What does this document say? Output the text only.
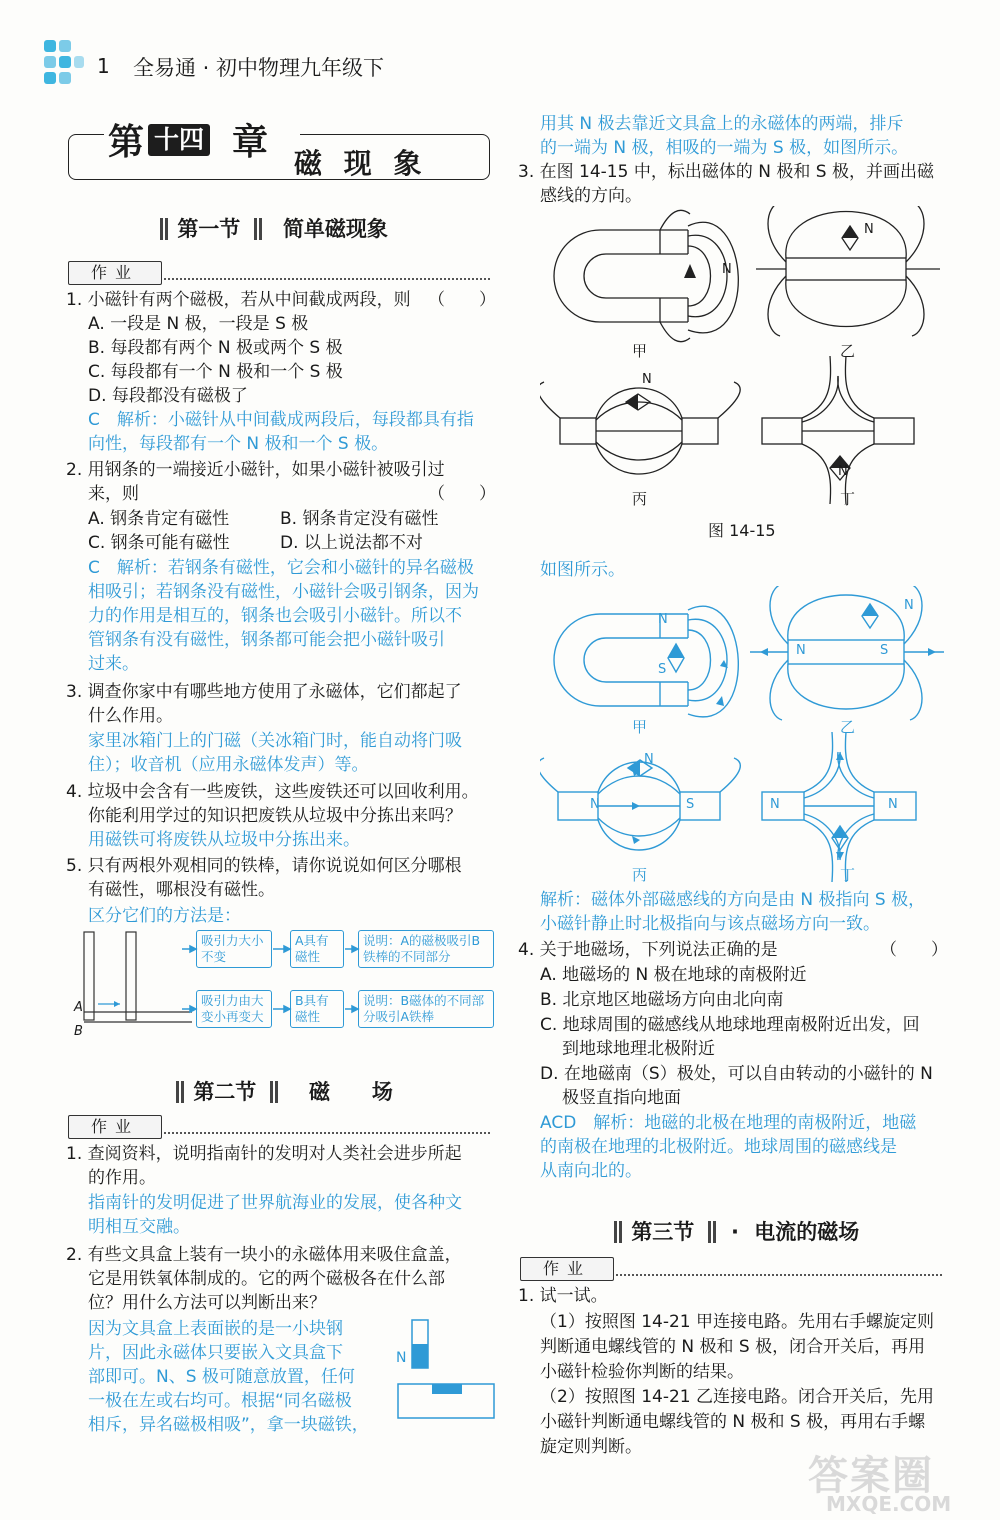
1 全易通 · 初中物理九年级下
第 十四 章
磁 现 象
第一节 简单磁现象
作业
1. 小磁针有两个磁极，若从中间截成两段，则 （　　）
A. 一段是 N 极，一段是 S 极
B. 每段都有两个 N 极或两个 S 极
C. 每段都有一个 N 极和一个 S 极
D. 每段都没有磁极了
C　解析：小磁针从中间截成两段后，每段都具有指
向性，每段都有一个 N 极和一个 S 极。
2. 用钢条的一端接近小磁针，如果小磁针被吸引过
来，则	（　　）
A. 钢条肯定有磁性	B. 钢条肯定没有磁性
C. 钢条可能有磁性	D. 以上说法都不对
C　解析：若钢条有磁性，它会和小磁针的异名磁极
相吸引；若钢条没有磁性，小磁针会吸引钢条，因为
力的作用是相互的，钢条也会吸引小磁针。所以不
管钢条有没有磁性，钢条都可能会把小磁针吸引
过来。
3. 调查你家中有哪些地方使用了永磁体，它们都起了
什么作用。
家里冰箱门上的门磁（关冰箱门时，能自动将门吸
住）；收音机（应用永磁体发声）等。
4. 垃圾中会含有一些废铁，这些废铁还可以回收利用。
你能利用学过的知识把废铁从垃圾中分拣出来吗？
用磁铁可将废铁从垃圾中分拣出来。
5. 只有两根外观相同的铁棒，请你说说如何区分哪根
有磁性，哪根没有磁性。
区分它们的方法是：
A
B
吸引力大小不变
A具有磁性
说明：A的磁极吸引B铁棒的不同部分
吸引力由大变小再变大
B具有磁性
说明：B磁体的不同部分吸引A铁棒
第二节	磁　　场
作业
1. 查阅资料，说明指南针的发明对人类社会进步所起
的作用。
指南针的发明促进了世界航海业的发展，使各种文
明相互交融。
2. 有些文具盒上装有一块小的永磁体用来吸住盒盖，
它是用铁氧体制成的。它的两个磁极各在什么部
位？用什么方法可以判断出来？
因为文具盒上表面嵌的是一小块钢
片，因此永磁体只要嵌入文具盒下
部即可。N、S 极可随意放置，任何
一极在左或右均可。根据“同名磁极
相斥，异名磁极相吸”，拿一块磁铁，
N
用其 N 极去靠近文具盒上的永磁体的两端，排斥
的一端为 N 极，相吸的一端为 S 极，如图所示。
3. 在图 14-15 中，标出磁体的 N 极和 S 极，并画出磁
感线的方向。
甲	乙
丙	丁
N
N
N
N
图 14-15
如图所示。
N
S
N	S
N
N	S
N
N	N
甲	乙
丙	丁
解析：磁体外部磁感线的方向是由 N 极指向 S 极，
小磁针静止时北极指向与该点磁场方向一致。
4. 关于地磁场，下列说法正确的是	（　　）
A. 地磁场的 N 极在地球的南极附近
B. 北京地区地磁场方向由北向南
C. 地球周围的磁感线从地球地理南极附近出发，回
到地球地理北极附近
D. 在地磁南（S）极处，可以自由转动的小磁针的 N
极竖直指向地面
ACD　解析：地磁的北极在地理的南极附近，地磁
的南极在地理的北极附近。地球周围的磁感线是
从南向北的。
第三节 · 电流的磁场
作业
1. 试一试。
（1）按照图 14-21 甲连接电路。先用右手螺旋定则
判断通电螺线管的 N 极和 S 极，闭合开关后，再用
小磁针检验你判断的结果。
（2）按照图 14-21 乙连接电路。闭合开关后，先用
小磁针判断通电螺线管的 N 极和 S 极，再用右手螺
旋定则判断。
答案圈
MXQE.COM
